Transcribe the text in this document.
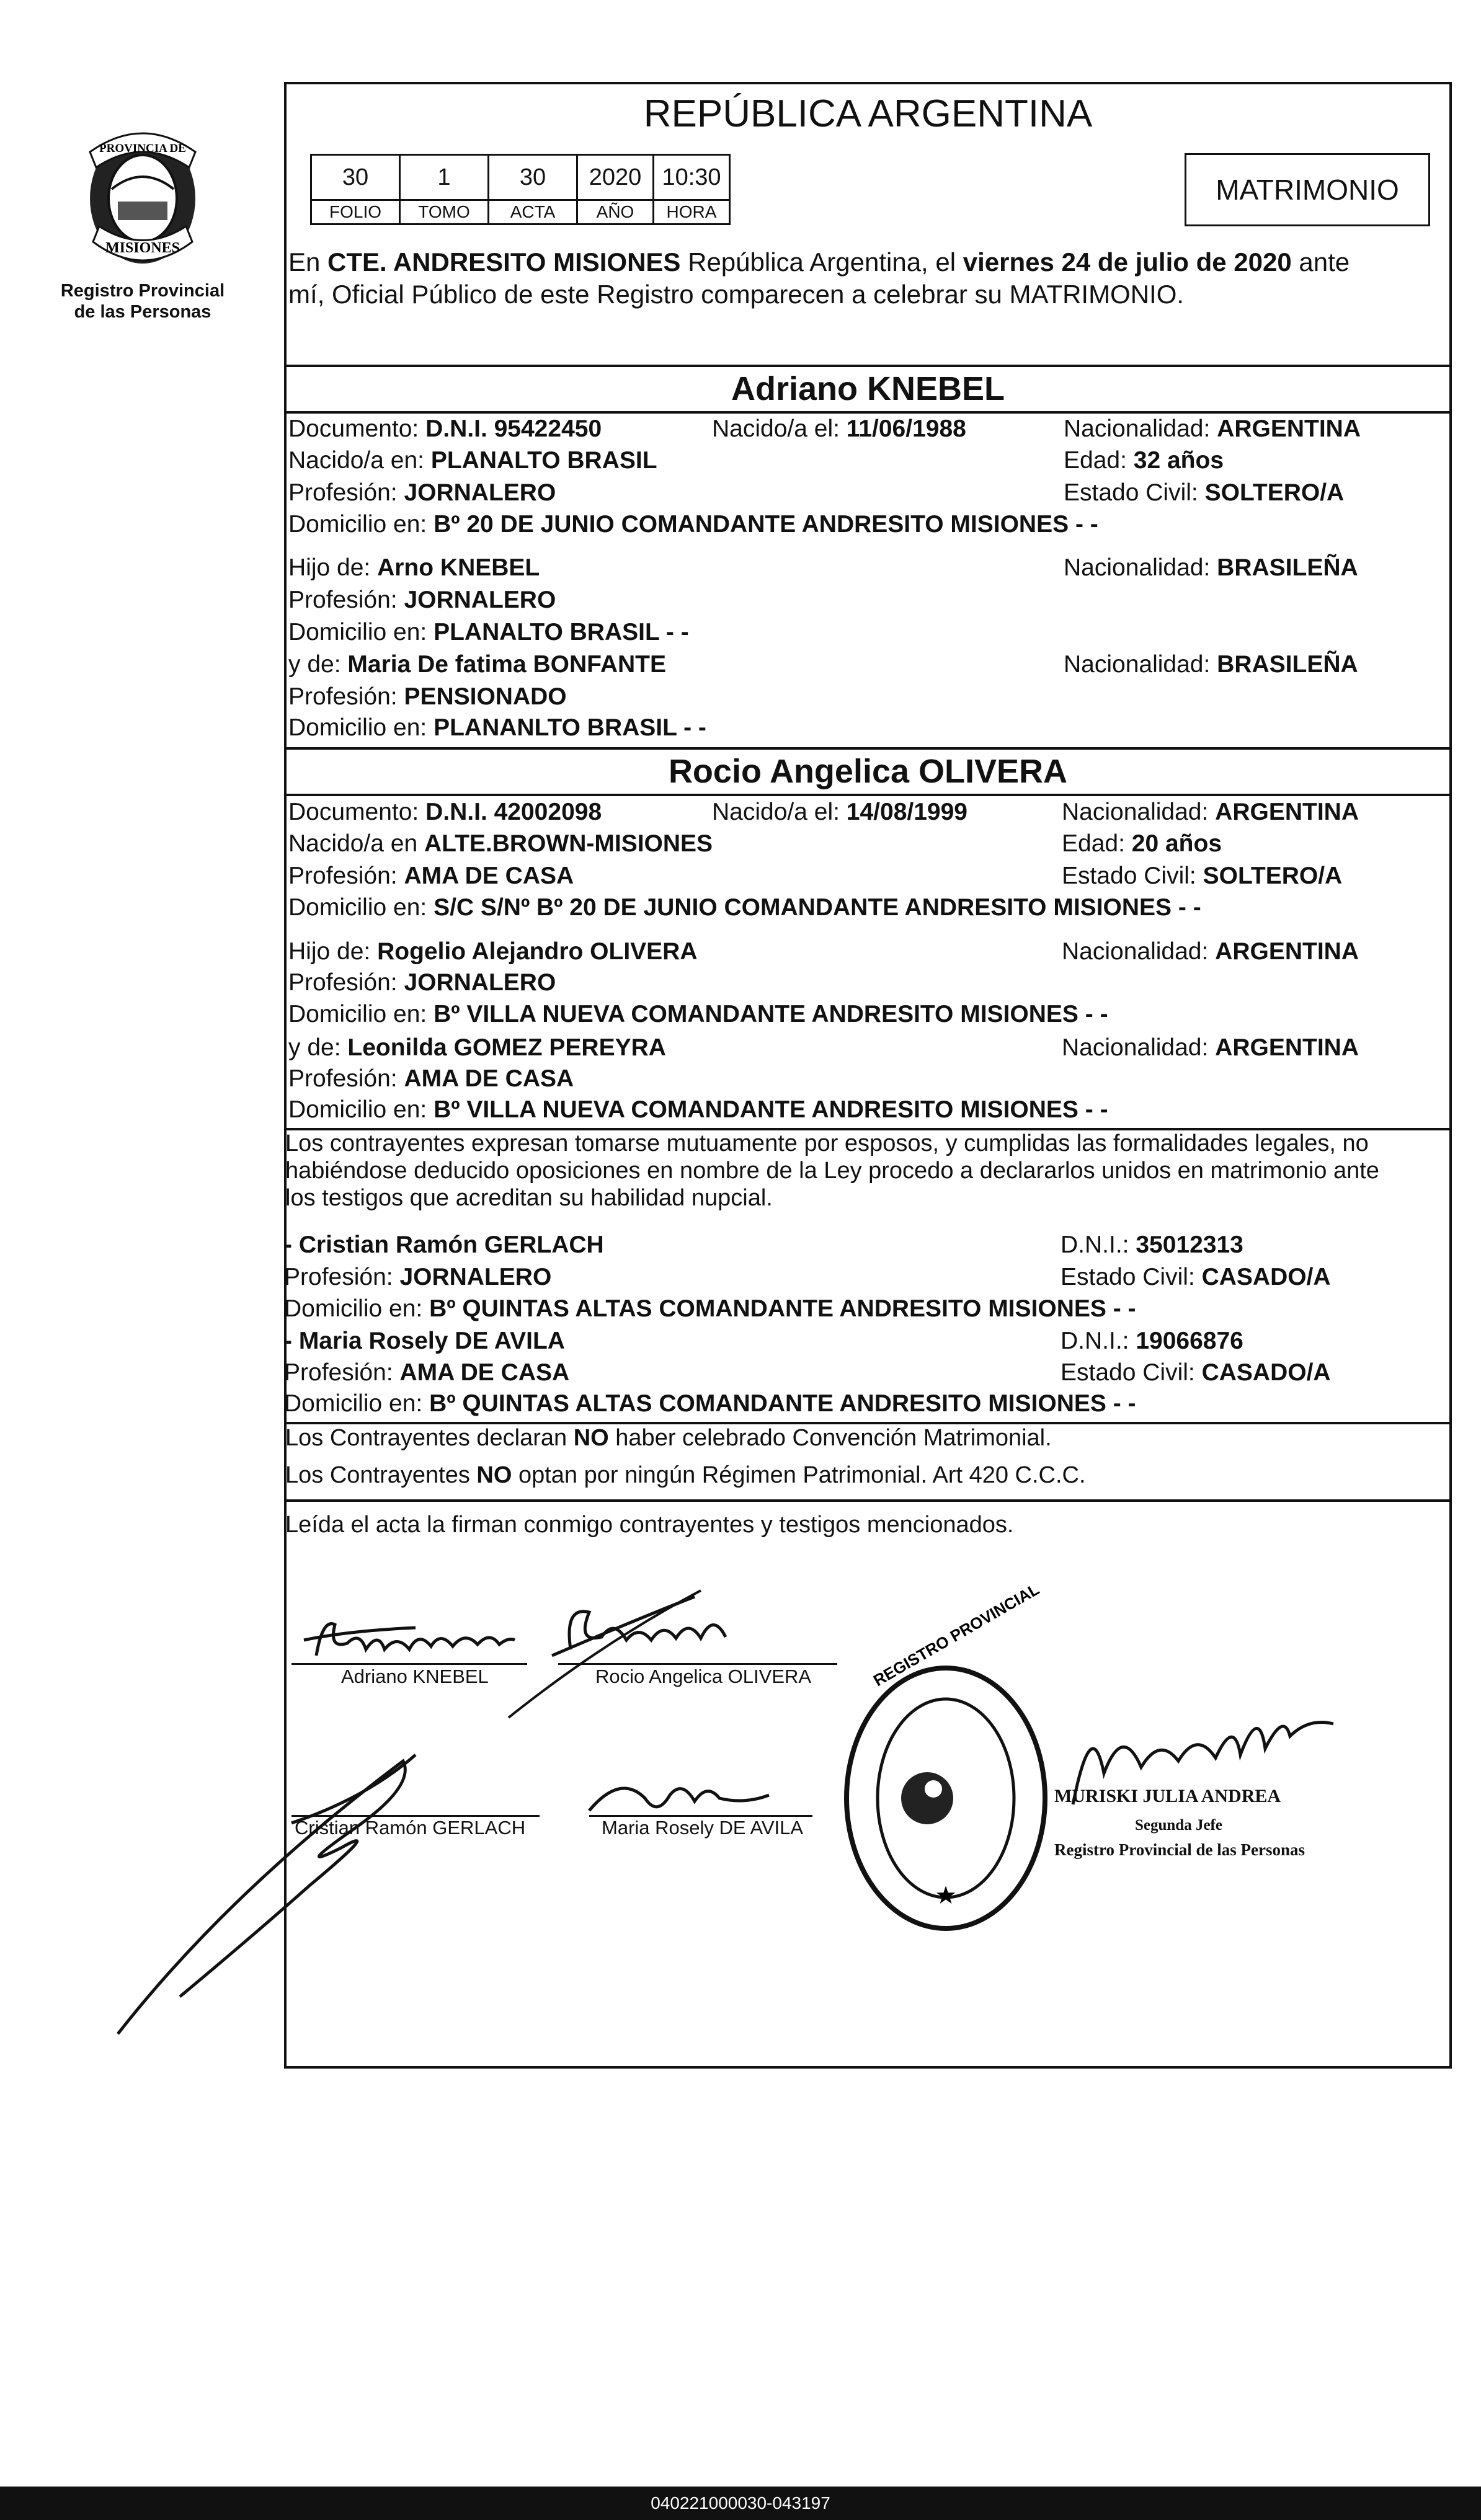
PROVINCIA DE
MISIONES
Registro Provincial
de las Personas
REPÚBLICA ARGENTINA
30	1	30	2020	10:30
FOLIO	TOMO	ACTA	AÑO	HORA
MATRIMONIO
En CTE. ANDRESITO MISIONES República Argentina, el viernes 24 de julio de 2020 ante
mí, Oficial Público de este Registro comparecen a celebrar su MATRIMONIO.
Adriano KNEBEL
Documento: D.N.I. 95422450	Nacido/a el: 11/06/1988	Nacionalidad: ARGENTINA
Nacido/a en: PLANALTO BRASIL	Edad: 32 años
Profesión: JORNALERO	Estado Civil: SOLTERO/A
Domicilio en: Bº 20 DE JUNIO COMANDANTE ANDRESITO MISIONES - -
Hijo de: Arno KNEBEL	Nacionalidad: BRASILEÑA
Profesión: JORNALERO
Domicilio en: PLANALTO BRASIL - -
y de: Maria De fatima BONFANTE	Nacionalidad: BRASILEÑA
Profesión: PENSIONADO
Domicilio en: PLANANLTO BRASIL - -
Rocio Angelica OLIVERA
Documento: D.N.I. 42002098	Nacido/a el: 14/08/1999	Nacionalidad: ARGENTINA
Nacido/a en ALTE.BROWN-MISIONES	Edad: 20 años
Profesión: AMA DE CASA	Estado Civil: SOLTERO/A
Domicilio en: S/C S/Nº Bº 20 DE JUNIO COMANDANTE ANDRESITO MISIONES - -
Hijo de: Rogelio Alejandro OLIVERA	Nacionalidad: ARGENTINA
Profesión: JORNALERO
Domicilio en: Bº VILLA NUEVA COMANDANTE ANDRESITO MISIONES - -
y de: Leonilda GOMEZ PEREYRA	Nacionalidad: ARGENTINA
Profesión: AMA DE CASA
Domicilio en: Bº VILLA NUEVA COMANDANTE ANDRESITO MISIONES - -
Los contrayentes expresan tomarse mutuamente por esposos, y cumplidas las formalidades legales, no
habiéndose deducido oposiciones en nombre de la Ley procedo a declararlos unidos en matrimonio ante
los testigos que acreditan su habilidad nupcial.
- Cristian Ramón GERLACH	D.N.I.: 35012313
Profesión: JORNALERO	Estado Civil: CASADO/A
Domicilio en: Bº QUINTAS ALTAS COMANDANTE ANDRESITO MISIONES - -
- Maria Rosely DE AVILA	D.N.I.: 19066876
Profesión: AMA DE CASA	Estado Civil: CASADO/A
Domicilio en: Bº QUINTAS ALTAS COMANDANTE ANDRESITO MISIONES - -
Los Contrayentes declaran NO haber celebrado Convención Matrimonial.
Los Contrayentes NO optan por ningún Régimen Patrimonial. Art 420 C.C.C.
Leída el acta la firman conmigo contrayentes y testigos mencionados.
Adriano KNEBEL	Rocio Angelica OLIVERA
Cristian Ramón GERLACH	Maria Rosely DE AVILA
★
REGISTRO PROVINCIAL
MURISKI JULIA ANDREA
Segunda Jefe
Registro Provincial de las Personas
040221000030-043197
